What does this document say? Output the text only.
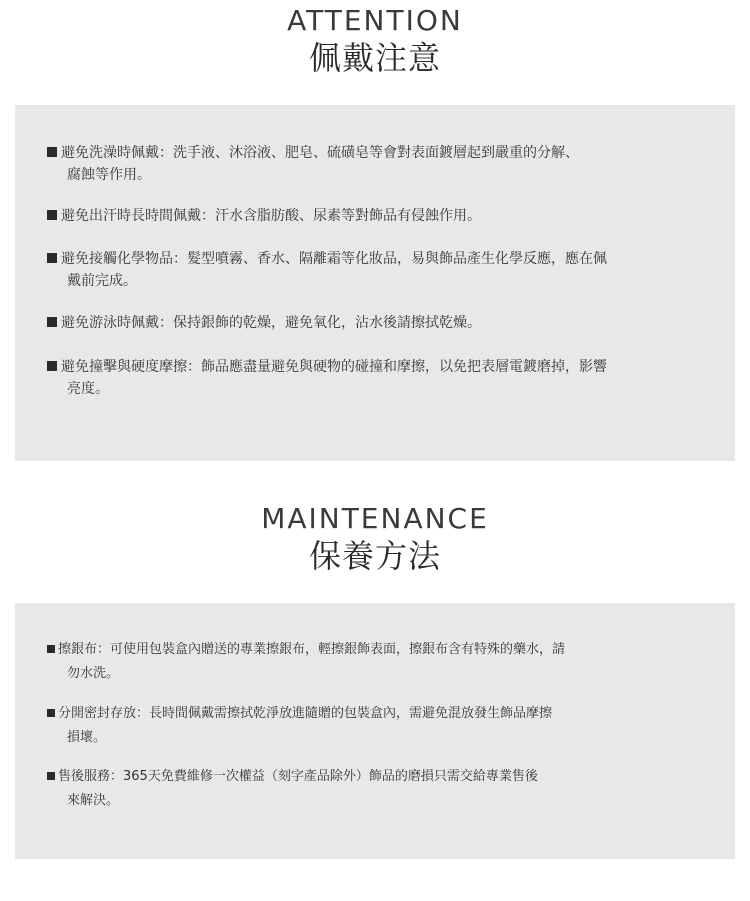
ATTENTION
佩戴注意
避免洗澡時佩戴：洗手液、沐浴液、肥皂、硫磺皂等會對表面鍍層起到嚴重的分解、
腐蝕等作用。
避免出汗時長時間佩戴：汗水含脂肪酸、尿素等對飾品有侵蝕作用。
避免接觸化學物品：髮型噴霧、香水、隔離霜等化妝品，易與飾品產生化學反應，應在佩
戴前完成。
避免游泳時佩戴：保持銀飾的乾燥，避免氧化，沾水後請擦拭乾燥。
避免撞擊與硬度摩擦：飾品應盡量避免與硬物的碰撞和摩擦，以免把表層電鍍磨掉，影響
亮度。
MAINTENANCE
保養方法
擦銀布：可使用包裝盒內贈送的專業擦銀布，輕擦銀飾表面，擦銀布含有特殊的藥水，請
勿水洗。
分開密封存放：長時間佩戴需擦拭乾淨放進隨贈的包裝盒內，需避免混放發生飾品摩擦
損壞。
售後服務：365天免費維修一次權益（刻字產品除外）飾品的磨損只需交給專業售後
來解決。
